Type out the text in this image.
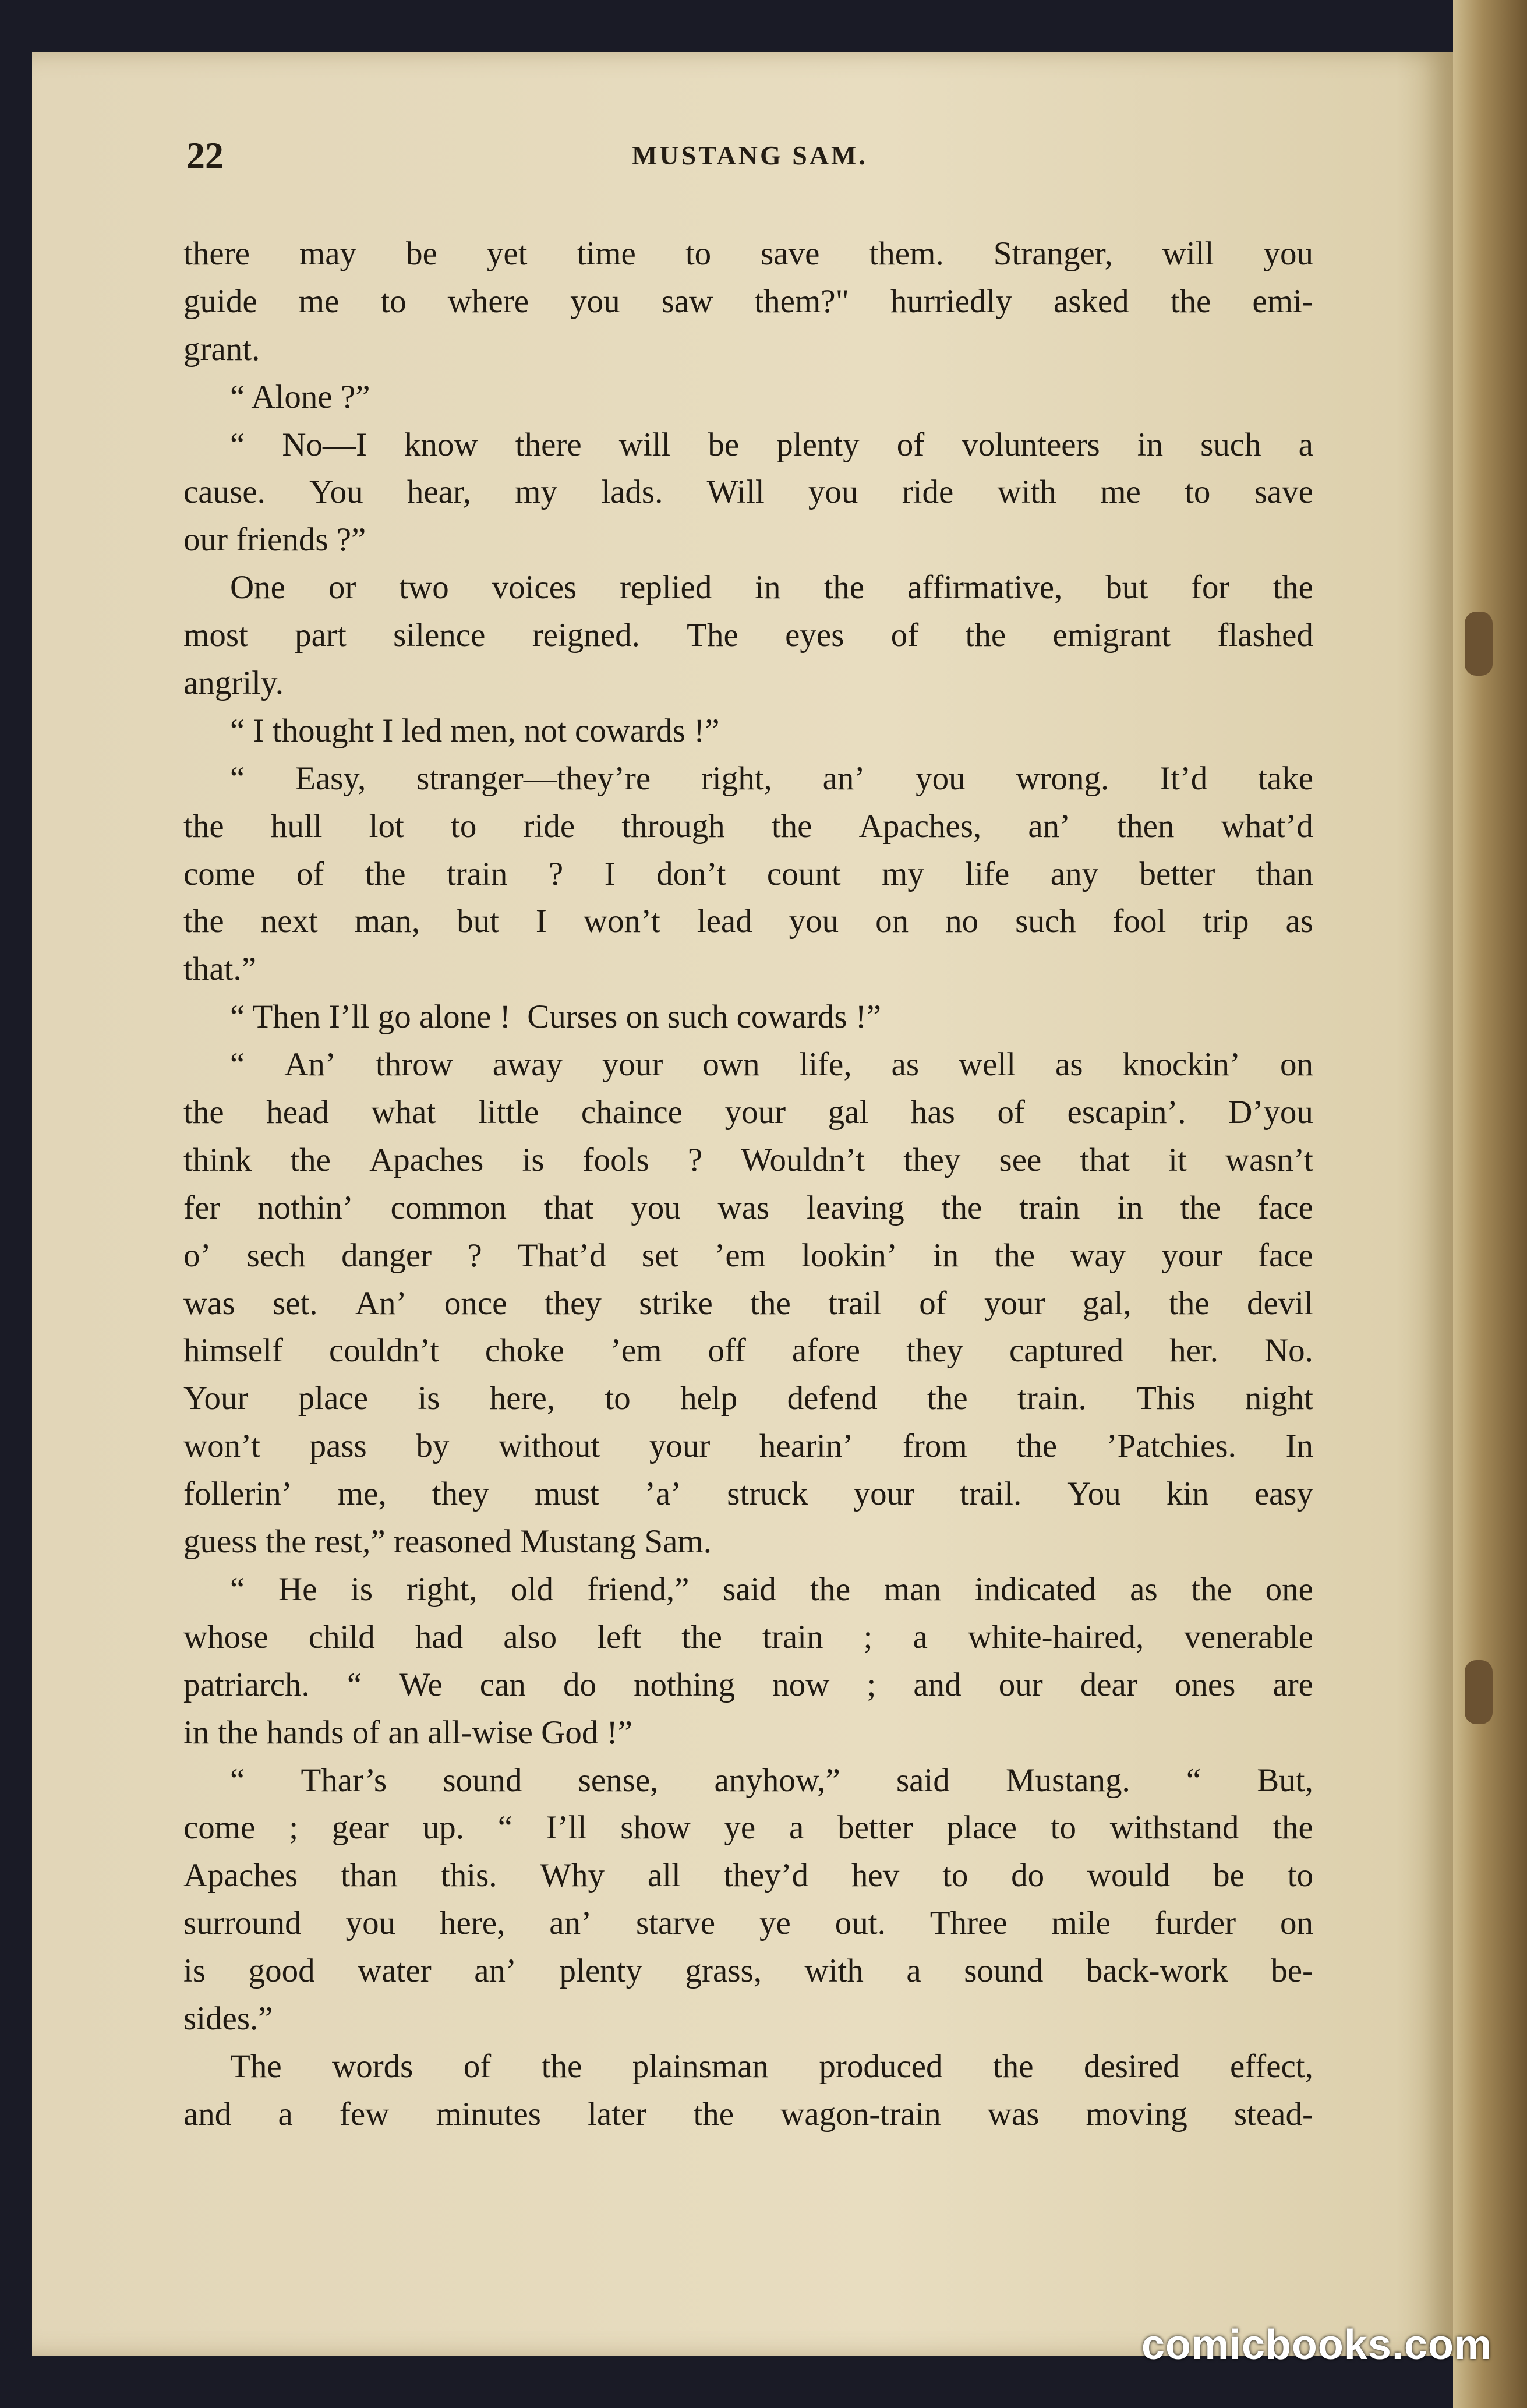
22	MUSTANG SAM.
there may be yet time to save them. Stranger, will you
guide me to where you saw them?" hurriedly asked the emi-
grant.
“ Alone ?”
“ No—I know there will be plenty of volunteers in such a
cause. You hear, my lads. Will you ride with me to save
our friends ?”
One or two voices replied in the affirmative, but for the
most part silence reigned. The eyes of the emigrant flashed
angrily.
“ I thought I led men, not cowards !”
“ Easy, stranger—they’re right, an’ you wrong. It’d take
the hull lot to ride through the Apaches, an’ then what’d
come of the train ? I don’t count my life any better than
the next man, but I won’t lead you on no such fool trip as
that.”
“ Then I’ll go alone !  Curses on such cowards !”
“ An’ throw away your own life, as well as knockin’ on
the head what little chaince your gal has of escapin’. D’you
think the Apaches is fools ? Wouldn’t they see that it wasn’t
fer nothin’ common that you was leaving the train in the face
o’ sech danger ? That’d set ’em lookin’ in the way your face
was set. An’ once they strike the trail of your gal, the devil
himself couldn’t choke ’em off afore they captured her. No.
Your place is here, to help defend the train. This night
won’t pass by without your hearin’ from the ’Patchies. In
follerin’ me, they must ’a’ struck your trail. You kin easy
guess the rest,” reasoned Mustang Sam.
“ He is right, old friend,” said the man indicated as the one
whose child had also left the train ; a white-haired, venerable
patriarch. “ We can do nothing now ; and our dear ones are
in the hands of an all-wise God !”
“ Thar’s sound sense, anyhow,” said Mustang. “ But,
come ; gear up. “ I’ll show ye a better place to withstand the
Apaches than this. Why all they’d hev to do would be to
surround you here, an’ starve ye out. Three mile furder on
is good water an’ plenty grass, with a sound back-work be-
sides.”
The words of the plainsman produced the desired effect,
and a few minutes later the wagon-train was moving stead-
comicbooks.com
